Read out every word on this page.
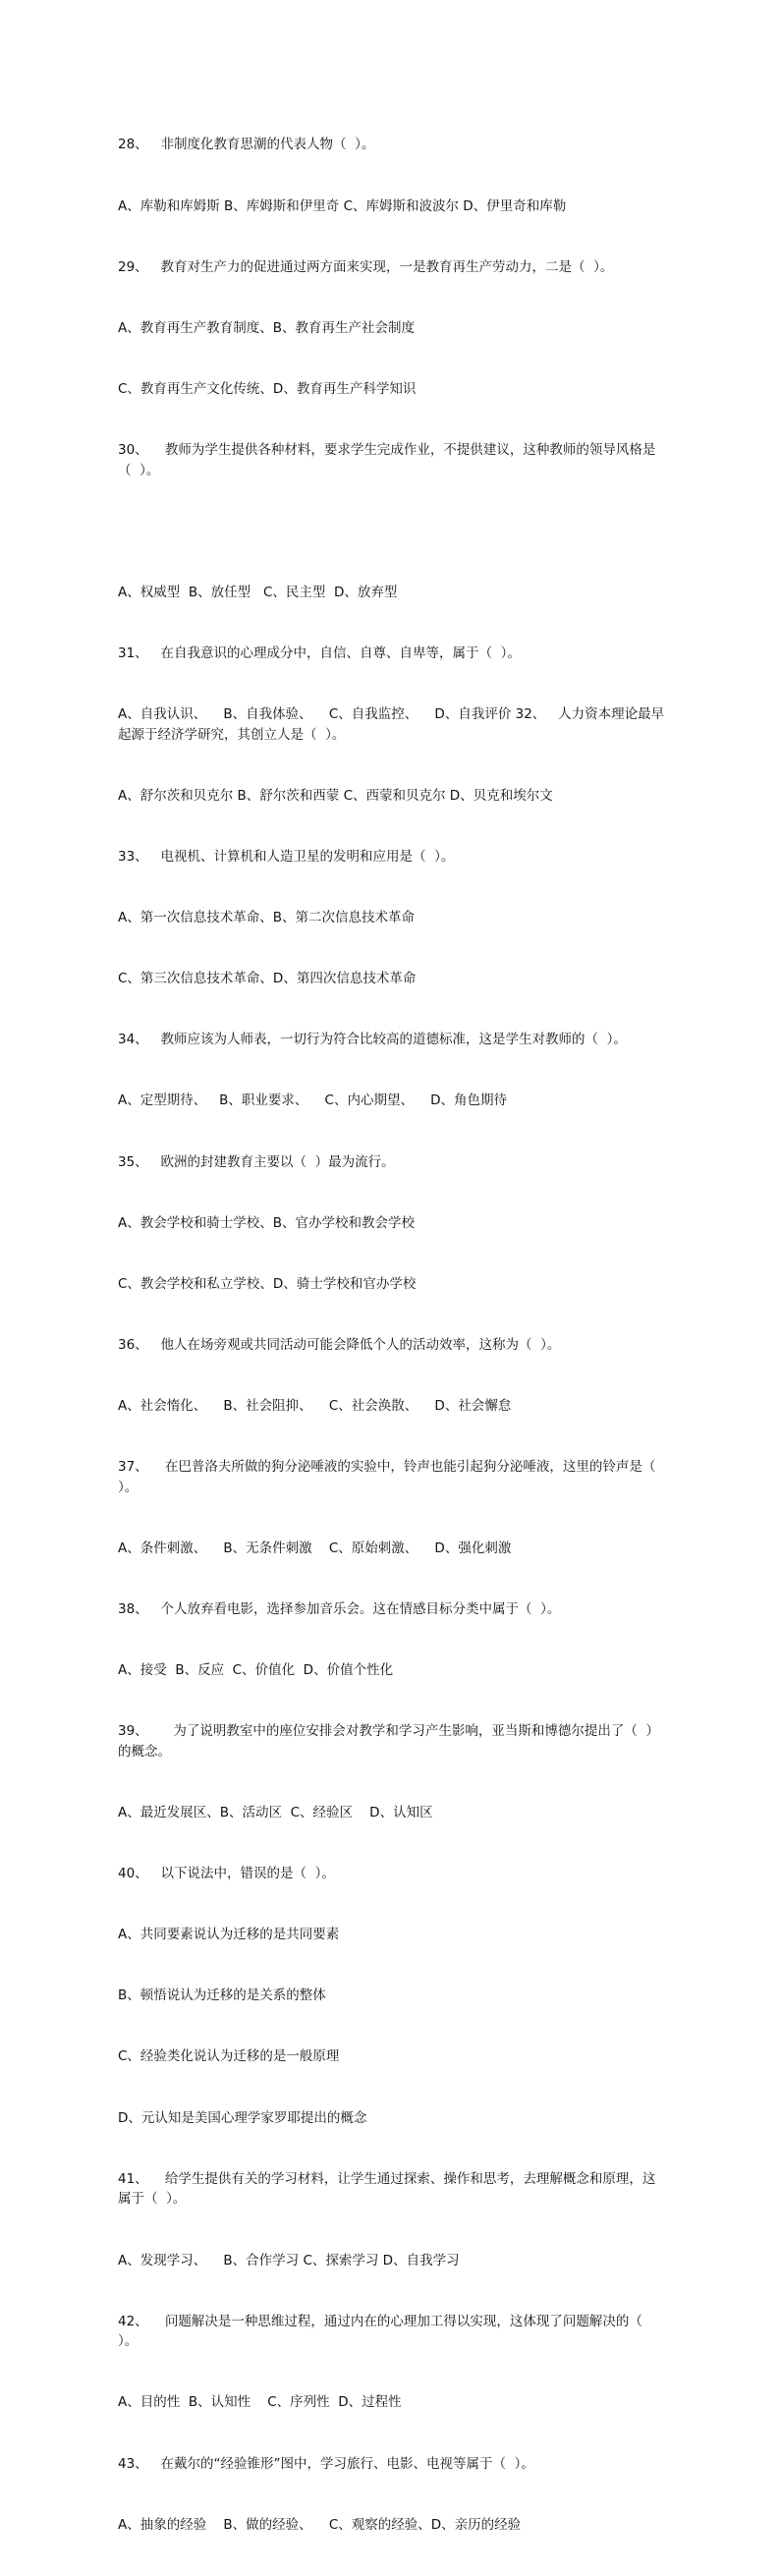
28、   非制度化教育思潮的代表人物（  ）。

A、库勒和库姆斯 B、库姆斯和伊里奇 C、库姆斯和波波尔 D、伊里奇和库勒

29、   教育对生产力的促进通过两方面来实现，一是教育再生产劳动力，二是（  ）。

A、教育再生产教育制度、B、教育再生产社会制度

C、教育再生产文化传统、D、教育再生产科学知识

30、    教师为学生提供各种材料，要求学生完成作业，不提供建议，这种教师的领导风格是（  ）。

A、权威型  B、放任型   C、民主型  D、放弃型

31、   在自我意识的心理成分中，自信、自尊、自卑等，属于（  ）。

A、自我认识、    B、自我体验、    C、自我监控、    D、自我评价 32、   人力资本理论最早起源于经济学研究，其创立人是（  ）。

A、舒尔茨和贝克尔 B、舒尔茨和西蒙 C、西蒙和贝克尔 D、贝克和埃尔文

33、   电视机、计算机和人造卫星的发明和应用是（  ）。

A、第一次信息技术革命、B、第二次信息技术革命

C、第三次信息技术革命、D、第四次信息技术革命

34、   教师应该为人师表，一切行为符合比较高的道德标准，这是学生对教师的（  ）。

A、定型期待、   B、职业要求、    C、内心期望、    D、角色期待

35、   欧洲的封建教育主要以（  ）最为流行。

A、教会学校和骑士学校、B、官办学校和教会学校

C、教会学校和私立学校、D、骑士学校和官办学校

36、   他人在场旁观或共同活动可能会降低个人的活动效率，这称为（  ）。

A、社会惰化、    B、社会阻抑、    C、社会涣散、    D、社会懈怠

37、    在巴普洛夫所做的狗分泌唾液的实验中，铃声也能引起狗分泌唾液，这里的铃声是（  ）。

A、条件刺激、    B、无条件刺激    C、原始刺激、    D、强化刺激

38、   个人放弃看电影，选择参加音乐会。这在情感目标分类中属于（  ）。

A、接受  B、反应  C、价值化  D、价值个性化

39、      为了说明教室中的座位安排会对教学和学习产生影响，亚当斯和博德尔提出了（  ）的概念。

A、最近发展区、B、活动区  C、经验区    D、认知区

40、   以下说法中，错误的是（  ）。

A、共同要素说认为迁移的是共同要素

B、顿悟说认为迁移的是关系的整体

C、经验类化说认为迁移的是一般原理

D、元认知是美国心理学家罗耶提出的概念

41、    给学生提供有关的学习材料，让学生通过探索、操作和思考，去理解概念和原理，这属于（  ）。

A、发现学习、    B、合作学习 C、探索学习 D、自我学习

42、    问题解决是一种思维过程，通过内在的心理加工得以实现，这体现了问题解决的（  ）。

A、目的性  B、认知性    C、序列性  D、过程性

43、   在戴尔的“经验锥形”图中，学习旅行、电影、电视等属于（  ）。

A、抽象的经验    B、做的经验、    C、观察的经验、D、亲历的经验
